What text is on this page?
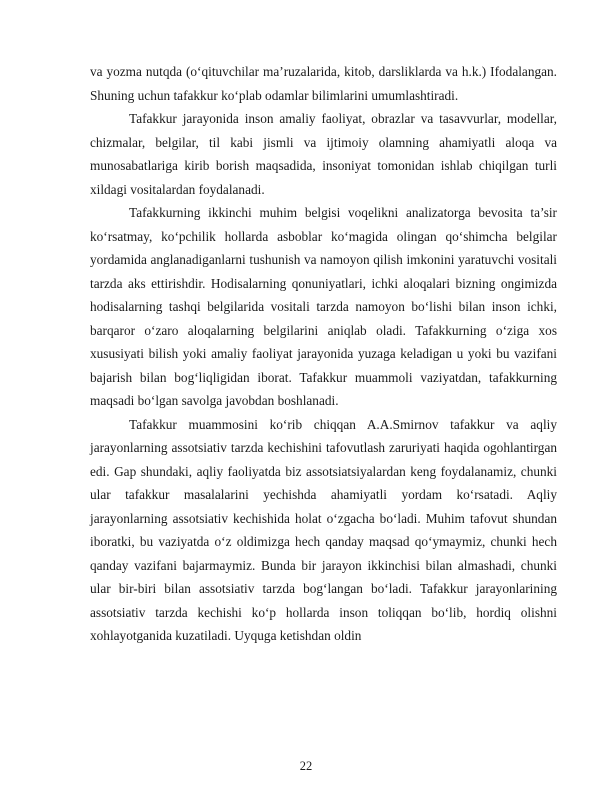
va yozma nutqda (o‘qituvchilar ma’ruzalarida, kitob, darsliklarda va h.k.) Ifodalangan. Shuning uchun tafakkur ko‘plab odamlar bilimlarini umumlashtiradi.

Tafakkur jarayonida inson amaliy faoliyat, obrazlar va tasavvurlar, modellar, chizmalar, belgilar, til kabi jismli va ijtimoiy olamning ahamiyatli aloqa va munosabatlariga kirib borish maqsadida, insoniyat tomonidan ishlab chiqilgan turli xildagi vositalardan foydalanadi.

Tafakkurning ikkinchi muhim belgisi voqelikni analizatorga bevosita ta’sir ko‘rsatmay, ko‘pchilik hollarda asboblar ko‘magida olingan qo‘shimcha belgilar yordamida anglanadiganlarni tushunish va namoyon qilish imkonini yaratuvchi vositali tarzda aks ettirishdir. Hodisalarning qonuniyatlari, ichki aloqalari bizning ongimizda hodisalarning tashqi belgilarida vositali tarzda namoyon bo‘lishi bilan inson ichki, barqaror o‘zaro aloqalarning belgilarini aniqlab oladi. Tafakkurning o‘ziga xos xususiyati bilish yoki amaliy faoliyat jarayonida yuzaga keladigan u yoki bu vazifani bajarish bilan bog‘liqligidan iborat. Tafakkur muammoli vaziyatdan, tafakkurning maqsadi bo‘lgan savolga javobdan boshlanadi.

Tafakkur muammosini ko‘rib chiqqan A.A.Smirnov tafakkur va aqliy jarayonlarning assotsiativ tarzda kechishini tafovutlash zaruriyati haqida ogohlantirgan edi. Gap shundaki, aqliy faoliyatda biz assotsiatsiyalardan keng foydalanamiz, chunki ular tafakkur masalalarini yechishda ahamiyatli yordam ko‘rsatadi. Aqliy jarayonlarning assotsiativ kechishida holat o‘zgacha bo‘ladi. Muhim tafovut shundan iboratki, bu vaziyatda o‘z oldimizga hech qanday maqsad qo‘ymaymiz, chunki hech qanday vazifani bajarmaymiz. Bunda bir jarayon ikkinchisi bilan almashadi, chunki ular bir-biri bilan assotsiativ tarzda bog‘langan bo‘ladi. Tafakkur jarayonlarining assotsiativ tarzda kechishi ko‘p hollarda inson toliqqan bo‘lib, hordiq olishni xohlayotganida kuzatiladi. Uyquga ketishdan oldin

22
